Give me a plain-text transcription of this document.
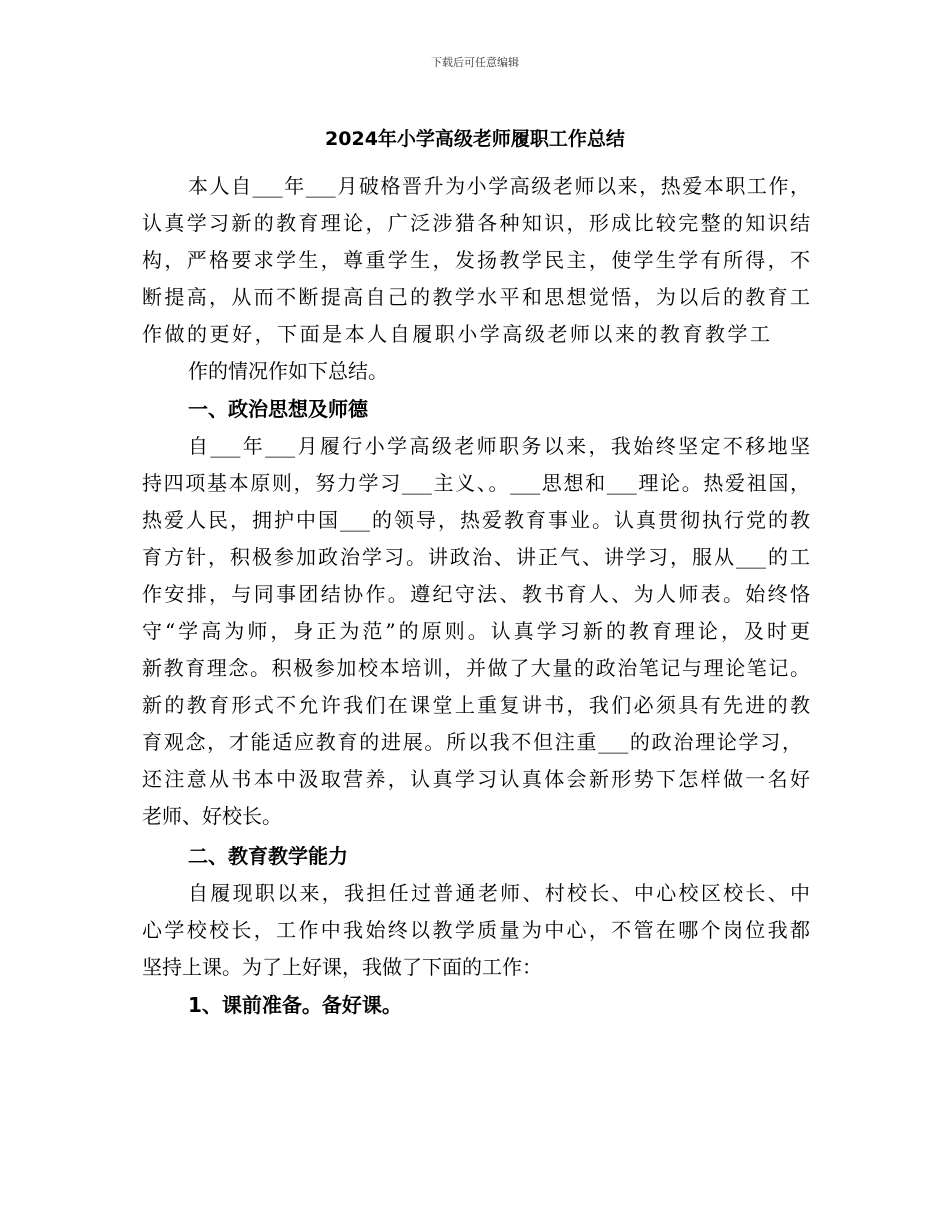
下载后可任意编辑
2024年小学高级老师履职工作总结
本人自___年___月破格晋升为小学高级老师以来，热爱本职工作，
认真学习新的教育理论，广泛涉猎各种知识，形成比较完整的知识结
构，严格要求学生，尊重学生，发扬教学民主，使学生学有所得，不
断提高，从而不断提高自己的教学水平和思想觉悟，为以后的教育工
作做的更好，下面是本人自履职小学高级老师以来的教育教学工
作的情况作如下总结。
一、政治思想及师德
自___年___月履行小学高级老师职务以来，我始终坚定不移地坚
持四项基本原则，努力学习___主义、。___思想和___理论。热爱祖国，
热爱人民，拥护中国___的领导，热爱教育事业。认真贯彻执行党的教
育方针，积极参加政治学习。讲政治、讲正气、讲学习，服从___的工
作安排，与同事团结协作。遵纪守法、教书育人、为人师表。始终恪
守“学高为师，身正为范”的原则。认真学习新的教育理论，及时更
新教育理念。积极参加校本培训，并做了大量的政治笔记与理论笔记。
新的教育形式不允许我们在课堂上重复讲书，我们必须具有先进的教
育观念，才能适应教育的进展。所以我不但注重___的政治理论学习，
还注意从书本中汲取营养，认真学习认真体会新形势下怎样做一名好
老师、好校长。
二、教育教学能力
自履现职以来，我担任过普通老师、村校长、中心校区校长、中
心学校校长，工作中我始终以教学质量为中心，不管在哪个岗位我都
坚持上课。为了上好课，我做了下面的工作：
1、课前准备。备好课。
